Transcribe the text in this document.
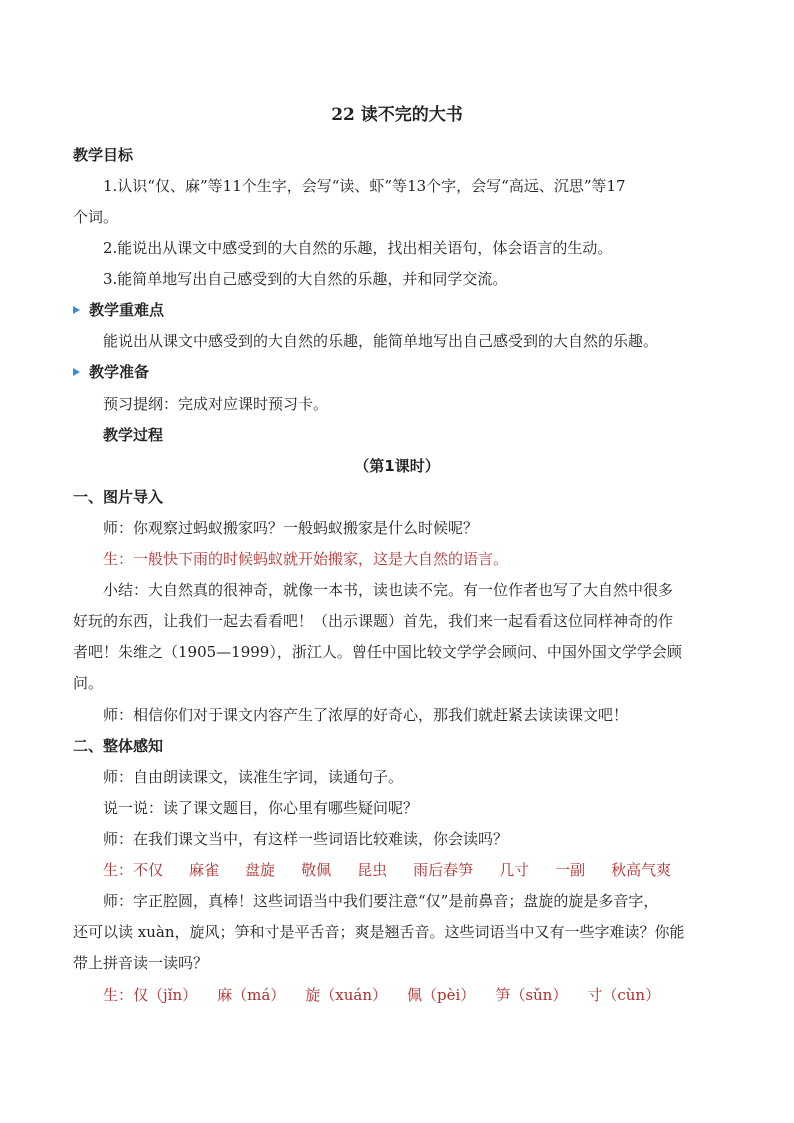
22 读不完的大书
教学目标
1.认识“仅、麻”等11个生字，会写“读、虾”等13个字，会写“高远、沉思”等17
个词。
2.能说出从课文中感受到的大自然的乐趣，找出相关语句，体会语言的生动。
3.能简单地写出自己感受到的大自然的乐趣，并和同学交流。
教学重难点
能说出从课文中感受到的大自然的乐趣，能简单地写出自己感受到的大自然的乐趣。
教学准备
预习提纲：完成对应课时预习卡。
教学过程
（第1课时）
一、图片导入
师：你观察过蚂蚁搬家吗？一般蚂蚁搬家是什么时候呢？
生：一般快下雨的时候蚂蚁就开始搬家，这是大自然的语言。
小结：大自然真的很神奇，就像一本书，读也读不完。有一位作者也写了大自然中很多
好玩的东西，让我们一起去看看吧！（出示课题）首先，我们来一起看看这位同样神奇的作
者吧！朱维之（1905—1999），浙江人。曾任中国比较文学学会顾问、中国外国文学学会顾
问。
师：相信你们对于课文内容产生了浓厚的好奇心，那我们就赶紧去读读课文吧！
二、整体感知
师：自由朗读课文，读准生字词，读通句子。
说一说：读了课文题目，你心里有哪些疑问呢？
师：在我们课文当中，有这样一些词语比较难读，你会读吗？
生：不仅 麻雀 盘旋 敬佩 昆虫 雨后春笋 几寸 一副 秋高气爽
师：字正腔圆，真棒！这些词语当中我们要注意“仅”是前鼻音；盘旋的旋是多音字，
还可以读 xuàn，旋风；笋和寸是平舌音；爽是翘舌音。这些词语当中又有一些字难读？你能
带上拼音读一读吗？
生：仅（jǐn） 麻（má） 旋（xuán） 佩（pèi） 笋（sǔn） 寸（cùn）
